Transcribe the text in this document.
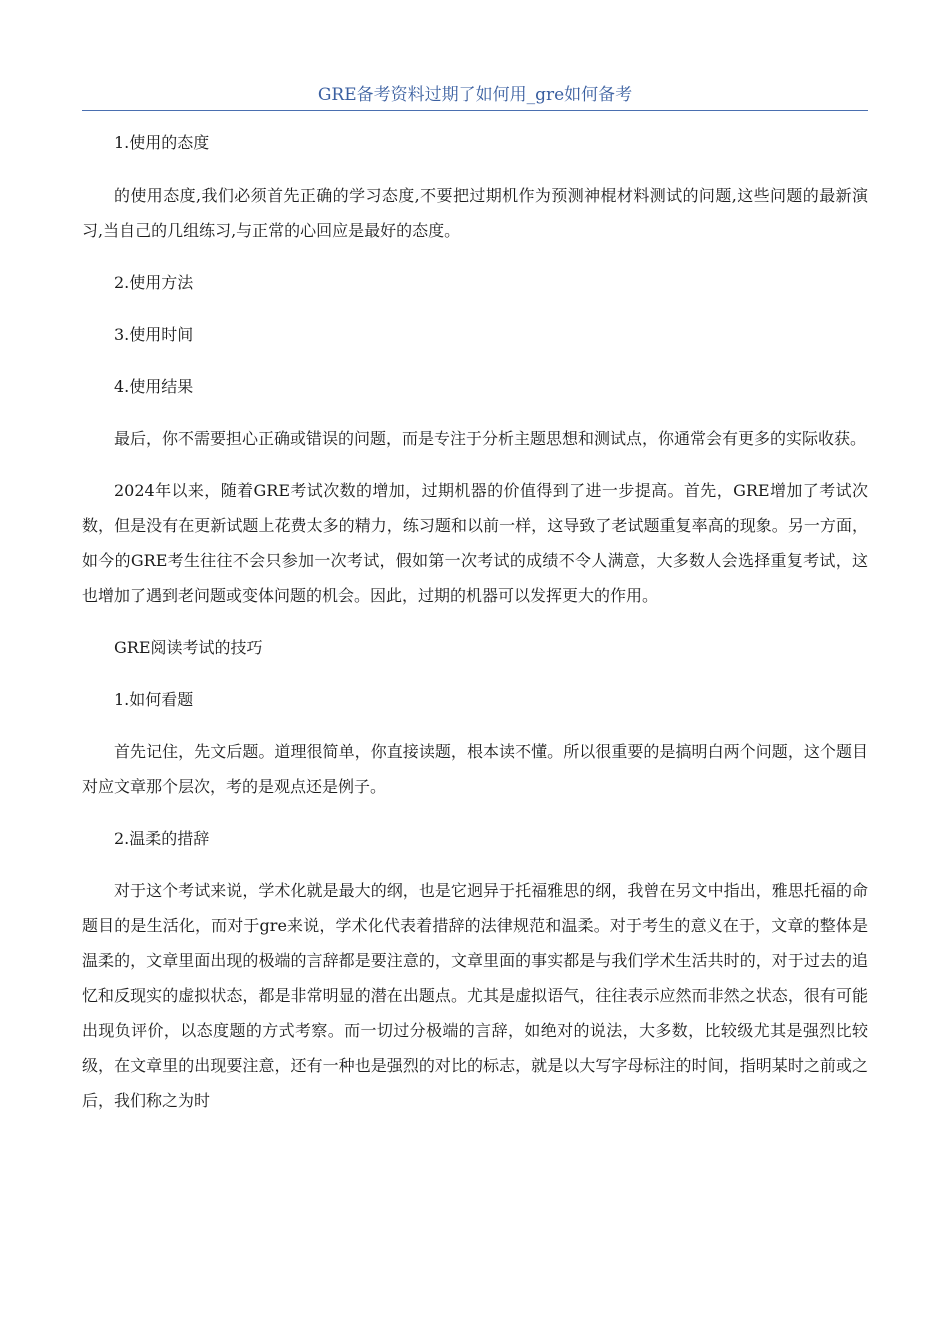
GRE备考资料过期了如何用_gre如何备考

1.使用的态度

的使用态度,我们必须首先正确的学习态度,不要把过期机作为预测神棍材料测试的问题,这些问题的最新演习,当自己的几组练习,与正常的心回应是最好的态度。

2.使用方法

3.使用时间

4.使用结果

最后，你不需要担心正确或错误的问题，而是专注于分析主题思想和测试点，你通常会有更多的实际收获。

2024年以来，随着GRE考试次数的增加，过期机器的价值得到了进一步提高。首先，GRE增加了考试次数，但是没有在更新试题上花费太多的精力，练习题和以前一样，这导致了老试题重复率高的现象。另一方面，如今的GRE考生往往不会只参加一次考试，假如第一次考试的成绩不令人满意，大多数人会选择重复考试，这也增加了遇到老问题或变体问题的机会。因此，过期的机器可以发挥更大的作用。

GRE阅读考试的技巧

1.如何看题

首先记住，先文后题。道理很简单，你直接读题，根本读不懂。所以很重要的是搞明白两个问题，这个题目对应文章那个层次，考的是观点还是例子。

2.温柔的措辞

对于这个考试来说，学术化就是最大的纲，也是它迥异于托福雅思的纲，我曾在另文中指出，雅思托福的命题目的是生活化，而对于gre来说，学术化代表着措辞的法律规范和温柔。对于考生的意义在于，文章的整体是温柔的，文章里面出现的极端的言辞都是要注意的，文章里面的事实都是与我们学术生活共时的，对于过去的追忆和反现实的虚拟状态，都是非常明显的潜在出题点。尤其是虚拟语气，往往表示应然而非然之状态，很有可能出现负评价，以态度题的方式考察。而一切过分极端的言辞，如绝对的说法，大多数，比较级尤其是强烈比较级，在文章里的出现要注意，还有一种也是强烈的对比的标志，就是以大写字母标注的时间，指明某时之前或之后，我们称之为时
